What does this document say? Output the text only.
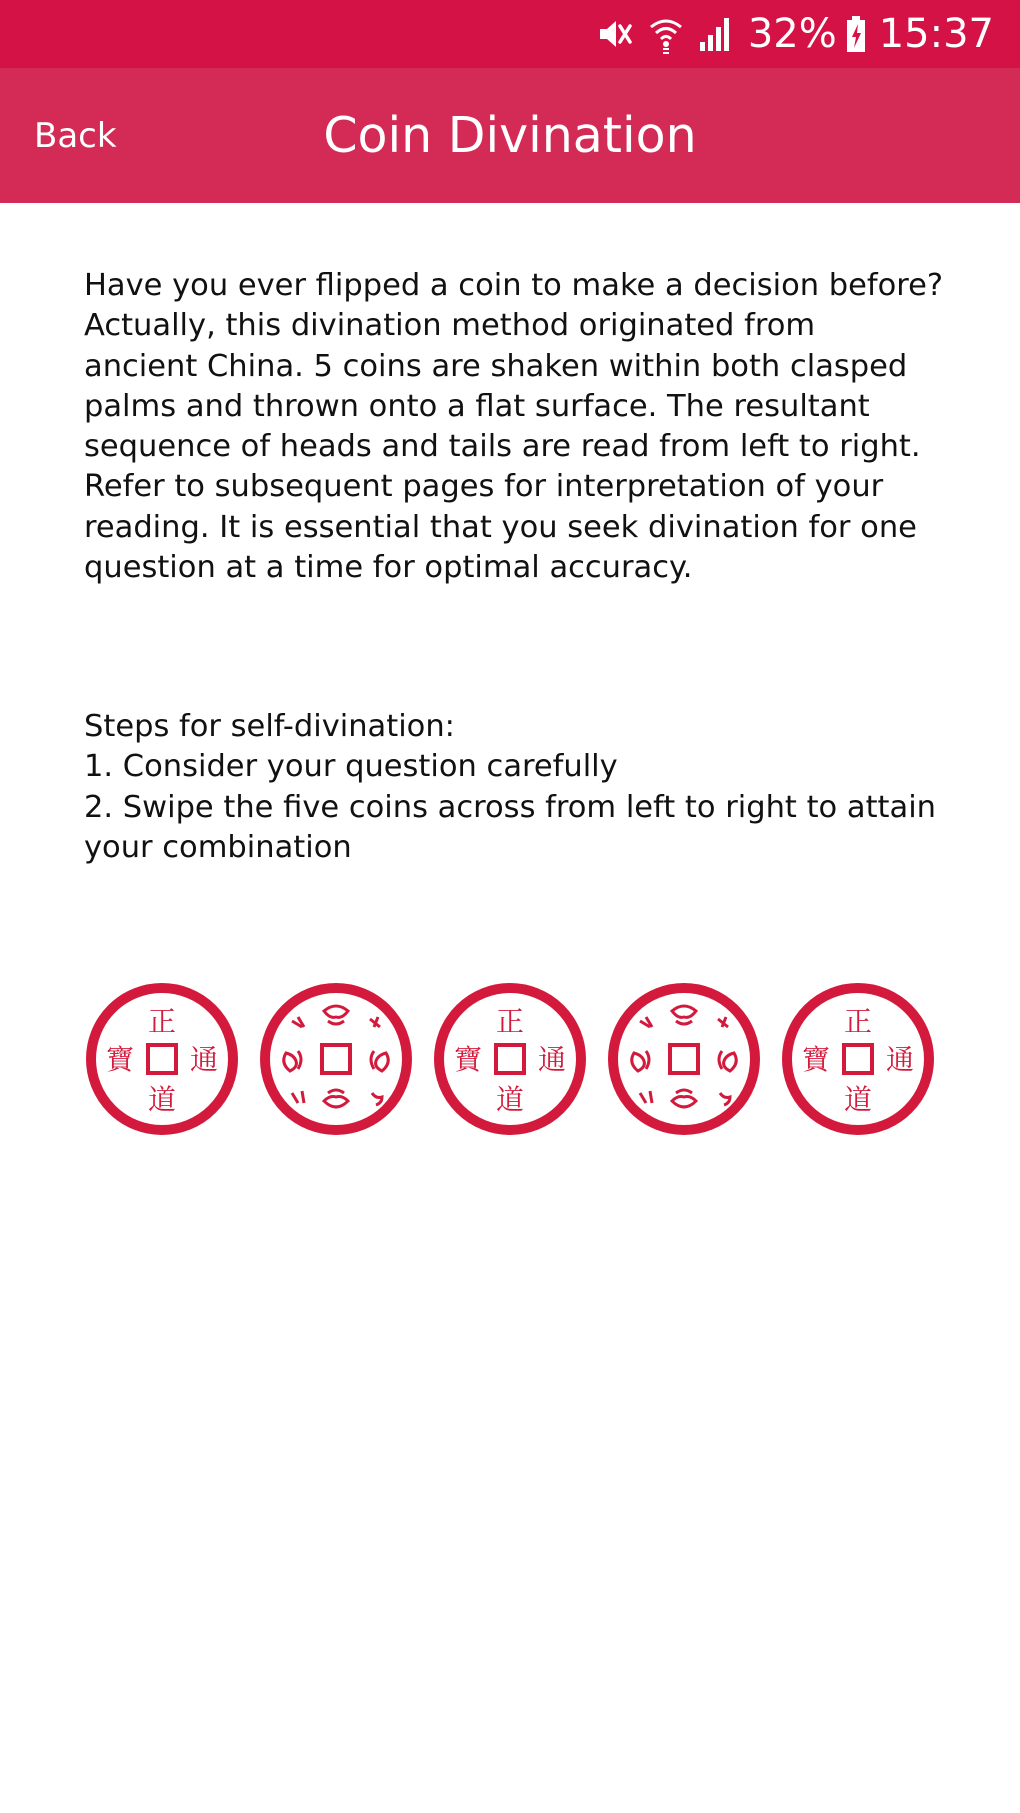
32% 15:37
Back	Coin Divination

Have you ever flipped a coin to make a decision before?

Actually, this divination method originated from

ancient China. 5 coins are shaken within both clasped

palms and thrown onto a flat surface. The resultant

sequence of heads and tails are read from left to right.

Refer to subsequent pages for interpretation of your

reading. It is essential that you seek divination for one

question at a time for optimal accuracy.

Steps for self-divination:
1. Consider your question carefully
2. Swipe the five coins across from left to right to attain
your combination
正
寶 通
道
正
寶 通
道
正
寶 通
道
